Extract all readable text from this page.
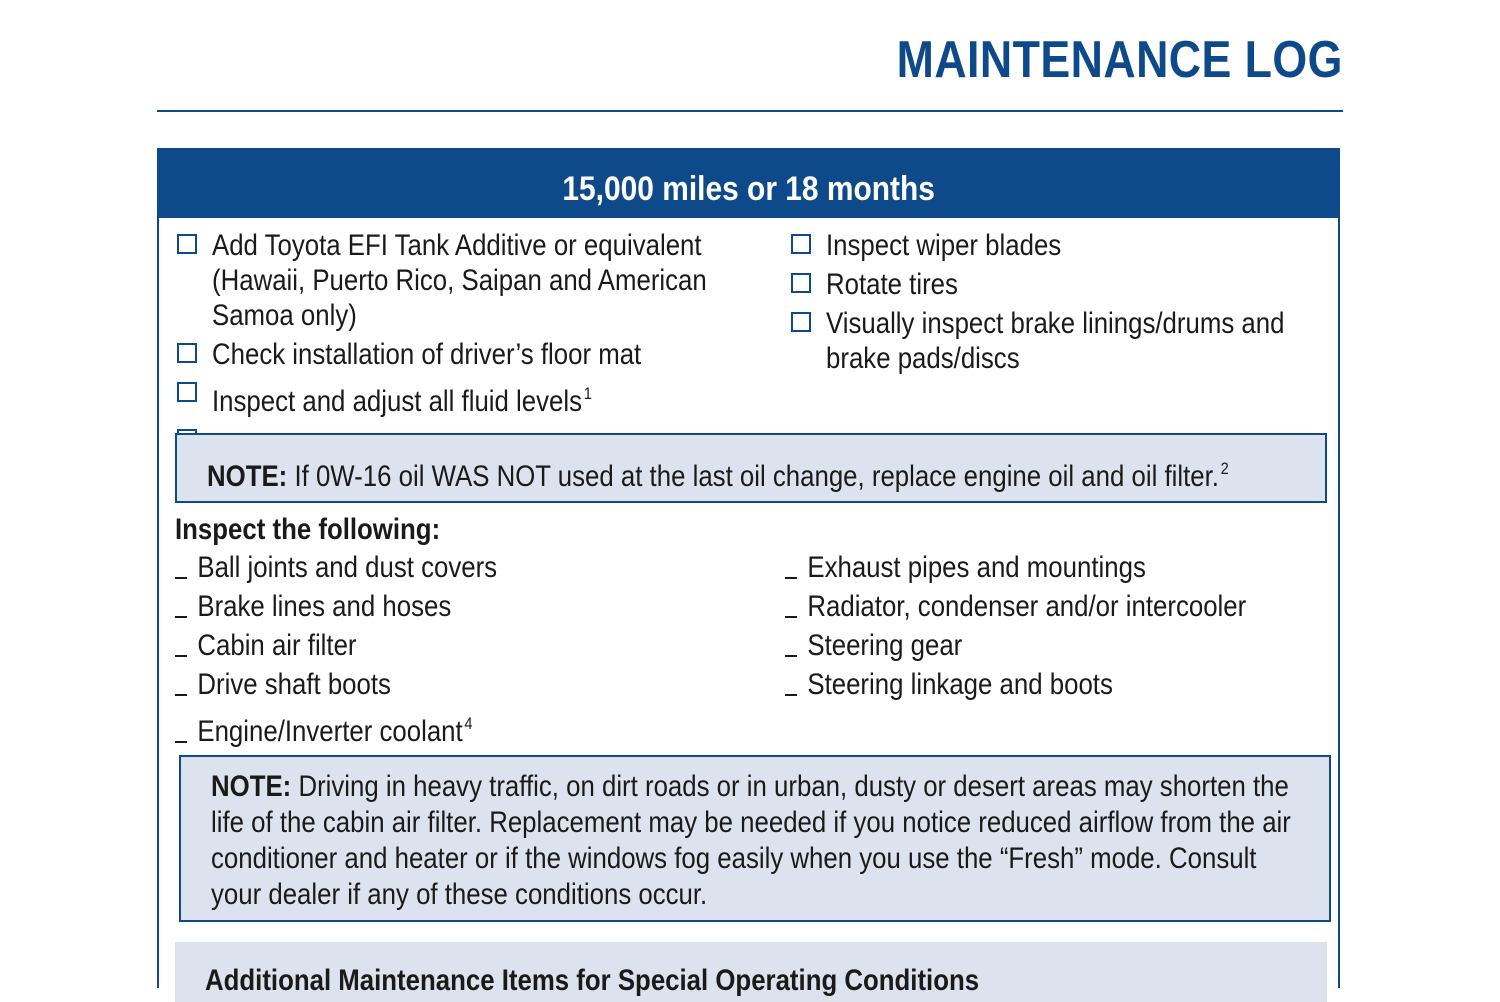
MAINTENANCE LOG
15,000 miles or 18 months
Add Toyota EFI Tank Additive or equivalent (Hawaii, Puerto Rico, Saipan and American Samoa only)
Check installation of driver’s floor mat
Inspect and adjust all fluid levels $^1$
Inspect wiper blades
Rotate tires
Visually inspect brake linings/drums and brake pads/discs
NOTE: If 0W-16 oil WAS NOT used at the last oil change, replace engine oil and oil filter. $^2$
Inspect the following:
Ball joints and dust covers
Brake lines and hoses
Cabin air filter
Drive shaft boots
Engine/Inverter coolant $^4$
Exhaust pipes and mountings
Radiator, condenser and/or intercooler
Steering gear
Steering linkage and boots
NOTE: Driving in heavy traffic, on dirt roads or in urban, dusty or desert areas may shorten the life of the cabin air filter. Replacement may be needed if you notice reduced airflow from the air conditioner and heater or if the windows fog easily when you use the “Fresh” mode. Consult your dealer if any of these conditions occur.
Additional Maintenance Items for Special Operating Conditions
